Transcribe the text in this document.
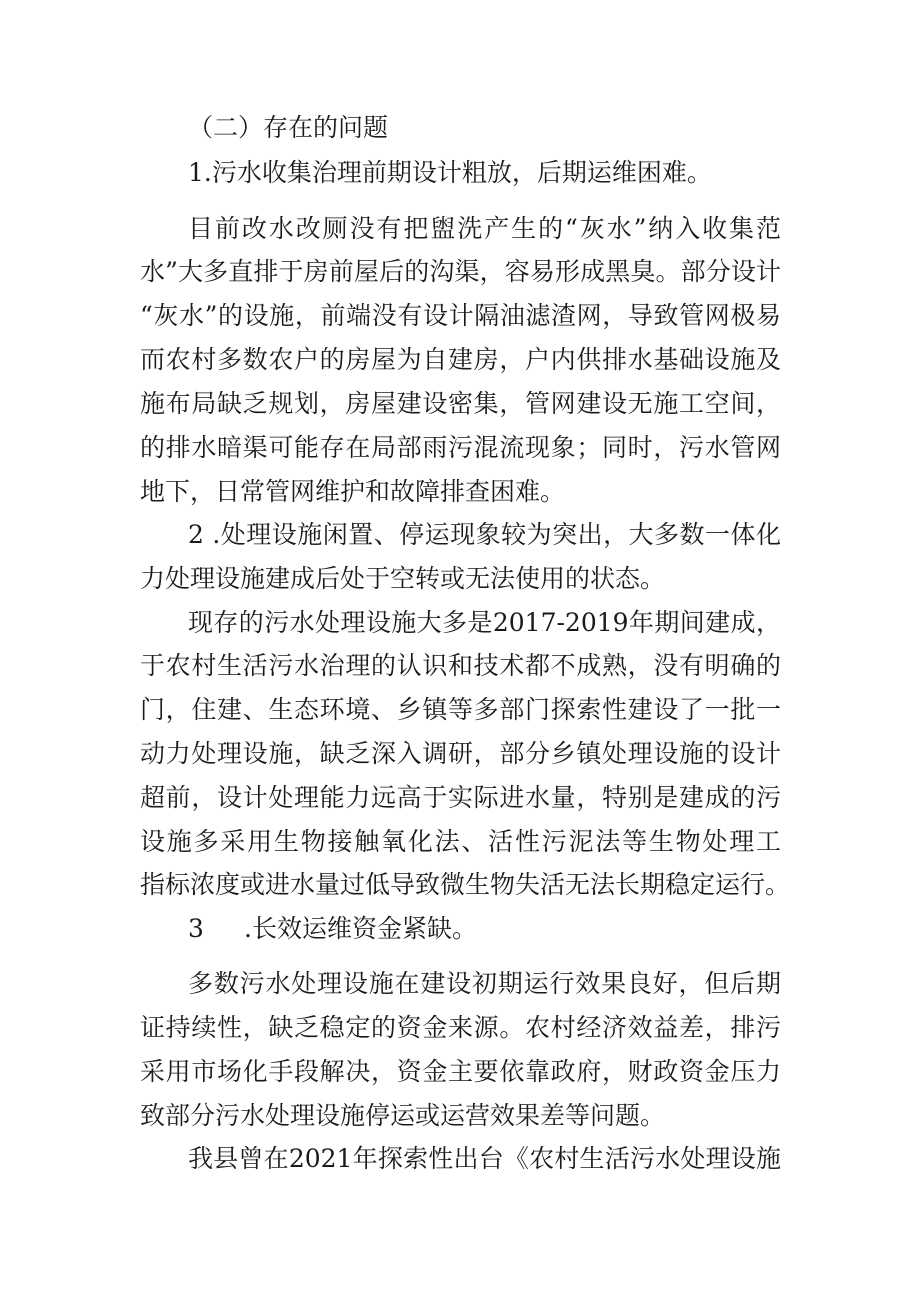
（二）存在的问题
1.污水收集治理前期设计粗放，后期运维困难。
目前改水改厕没有把盥洗产生的“灰水”纳入收集范
水”大多直排于房前屋后的沟渠，容易形成黑臭。部分设计
“灰水”的设施，前端没有设计隔油滤渣网，导致管网极易
而农村多数农户的房屋为自建房，户内供排水基础设施及
施布局缺乏规划，房屋建设密集，管网建设无施工空间，
的排水暗渠可能存在局部雨污混流现象；同时，污水管网
地下，日常管网维护和故障排查困难。
2 .处理设施闲置、停运现象较为突出，大多数一体化
力处理设施建成后处于空转或无法使用的状态。
现存的污水处理设施大多是2017-2019年期间建成，
于农村生活污水治理的认识和技术都不成熟，没有明确的
门，住建、生态环境、乡镇等多部门探索性建设了一批一
动力处理设施，缺乏深入调研，部分乡镇处理设施的设计
超前，设计处理能力远高于实际进水量，特别是建成的污
设施多采用生物接触氧化法、活性污泥法等生物处理工
指标浓度或进水量过低导致微生物失活无法长期稳定运行。
3 .长效运维资金紧缺。
多数污水处理设施在建设初期运行效果良好，但后期
证持续性，缺乏稳定的资金来源。农村经济效益差，排污
采用市场化手段解决，资金主要依靠政府，财政资金压力
致部分污水处理设施停运或运营效果差等问题。
我县曾在2021年探索性出台《农村生活污水处理设施
